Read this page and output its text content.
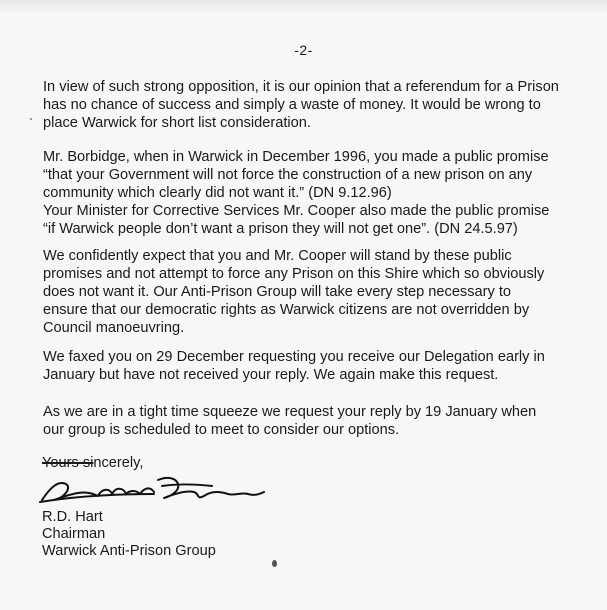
-2-

In view of such strong opposition, it is our opinion that a referendum for a Prison
has no chance of success and simply a waste of money. It would be wrong to
place Warwick for short list consideration.

Mr. Borbidge, when in Warwick in December 1996, you made a public promise
“that your Government will not force the construction of a new prison on any
community which clearly did not want it.” (DN 9.12.96)
Your Minister for Corrective Services Mr. Cooper also made the public promise
“if Warwick people don’t want a prison they will not get one”. (DN 24.5.97)

We confidently expect that you and Mr. Cooper will stand by these public
promises and not attempt to force any Prison on this Shire which so obviously
does not want it. Our Anti-Prison Group will take every step necessary to
ensure that our democratic rights as Warwick citizens are not overridden by
Council manoeuvring.

We faxed you on 29 December requesting you receive our Delegation early in
January but have not received your reply. We again make this request.

As we are in a tight time squeeze we request your reply by 19 January when
our group is scheduled to meet to consider our options.

Yours sincerely,
R.D. Hart
Chairman
Warwick Anti-Prison Group
